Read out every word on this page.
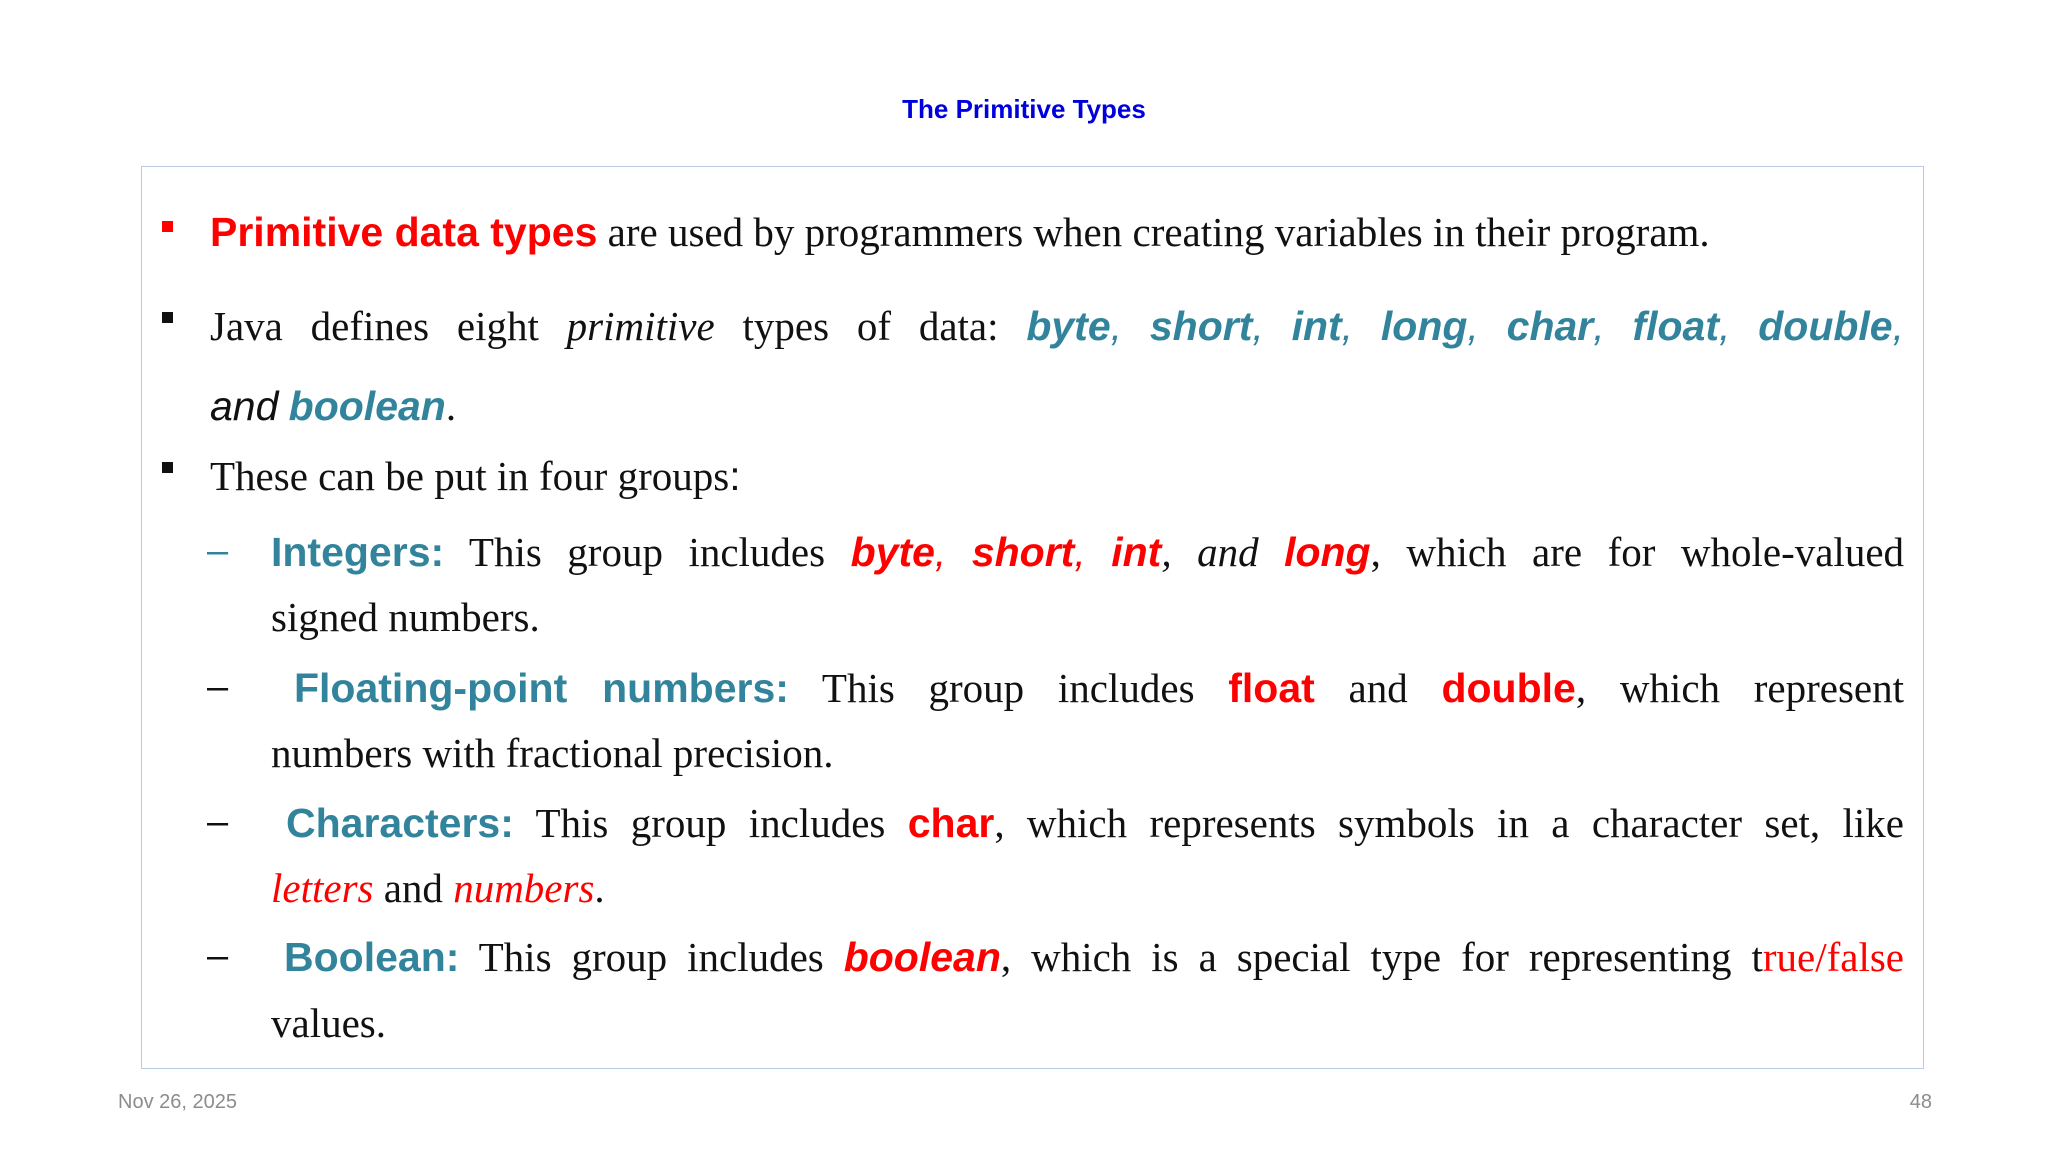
The Primitive Types
Primitive data types are used by programmers when creating variables in their program.
Java defines eight primitive types of data: byte, short, int, long, char, float, double,
and boolean.
These can be put in four groups:
– Integers: This group includes byte, short, int, and long, which are for whole-valued
signed numbers.
– Floating-point numbers: This group includes float and double, which represent
numbers with fractional precision.
– Characters: This group includes char, which represents symbols in a character set, like
letters and numbers.
– Boolean: This group includes boolean, which is a special type for representing true/false
values.
Nov 26, 2025	48
